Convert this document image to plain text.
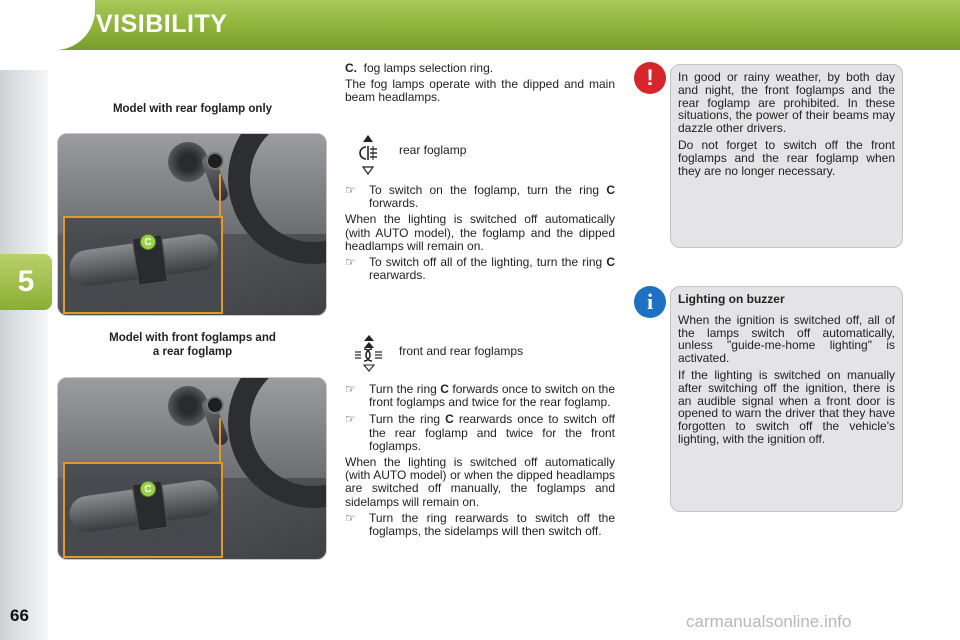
VISIBILITY
5
66
Model with rear foglamp only
Model with front foglamps and
a rear foglamp
C
C

C. fog lamps selection ring.

The fog lamps operate with the dipped and main beam headlamps.

rear foglamp
☞ To switch on the foglamp, turn the ring C forwards.

When the lighting is switched off automatically (with AUTO model), the foglamp and the dipped headlamps will remain on.

☞ To switch off all of the lighting, turn the ring C rearwards.
front and rear foglamps
☞ Turn the ring C forwards once to switch on the front foglamps and twice for the rear foglamp.
☞ Turn the ring C rearwards once to switch off the rear foglamp and twice for the front foglamps.

When the lighting is switched off automatically (with AUTO model) or when the dipped headlamps are switched off manually, the foglamps and sidelamps will remain on.

☞ Turn the ring rearwards to switch off the foglamps, the sidelamps will then switch off.

In good or rainy weather, by both day and night, the front foglamps and the rear foglamp are prohibited. In these situations, the power of their beams may dazzle other drivers.

Do not forget to switch off the front foglamps and the rear foglamp when they are no longer necessary.

!

Lighting on buzzer

When the ignition is switched off, all of the lamps switch off automatically, unless "guide-me-home lighting" is activated.

If the lighting is switched on manually after switching off the ignition, there is an audible signal when a front door is opened to warn the driver that they have forgotten to switch off the vehicle's lighting, with the ignition off.

i
carmanualsonline.info
